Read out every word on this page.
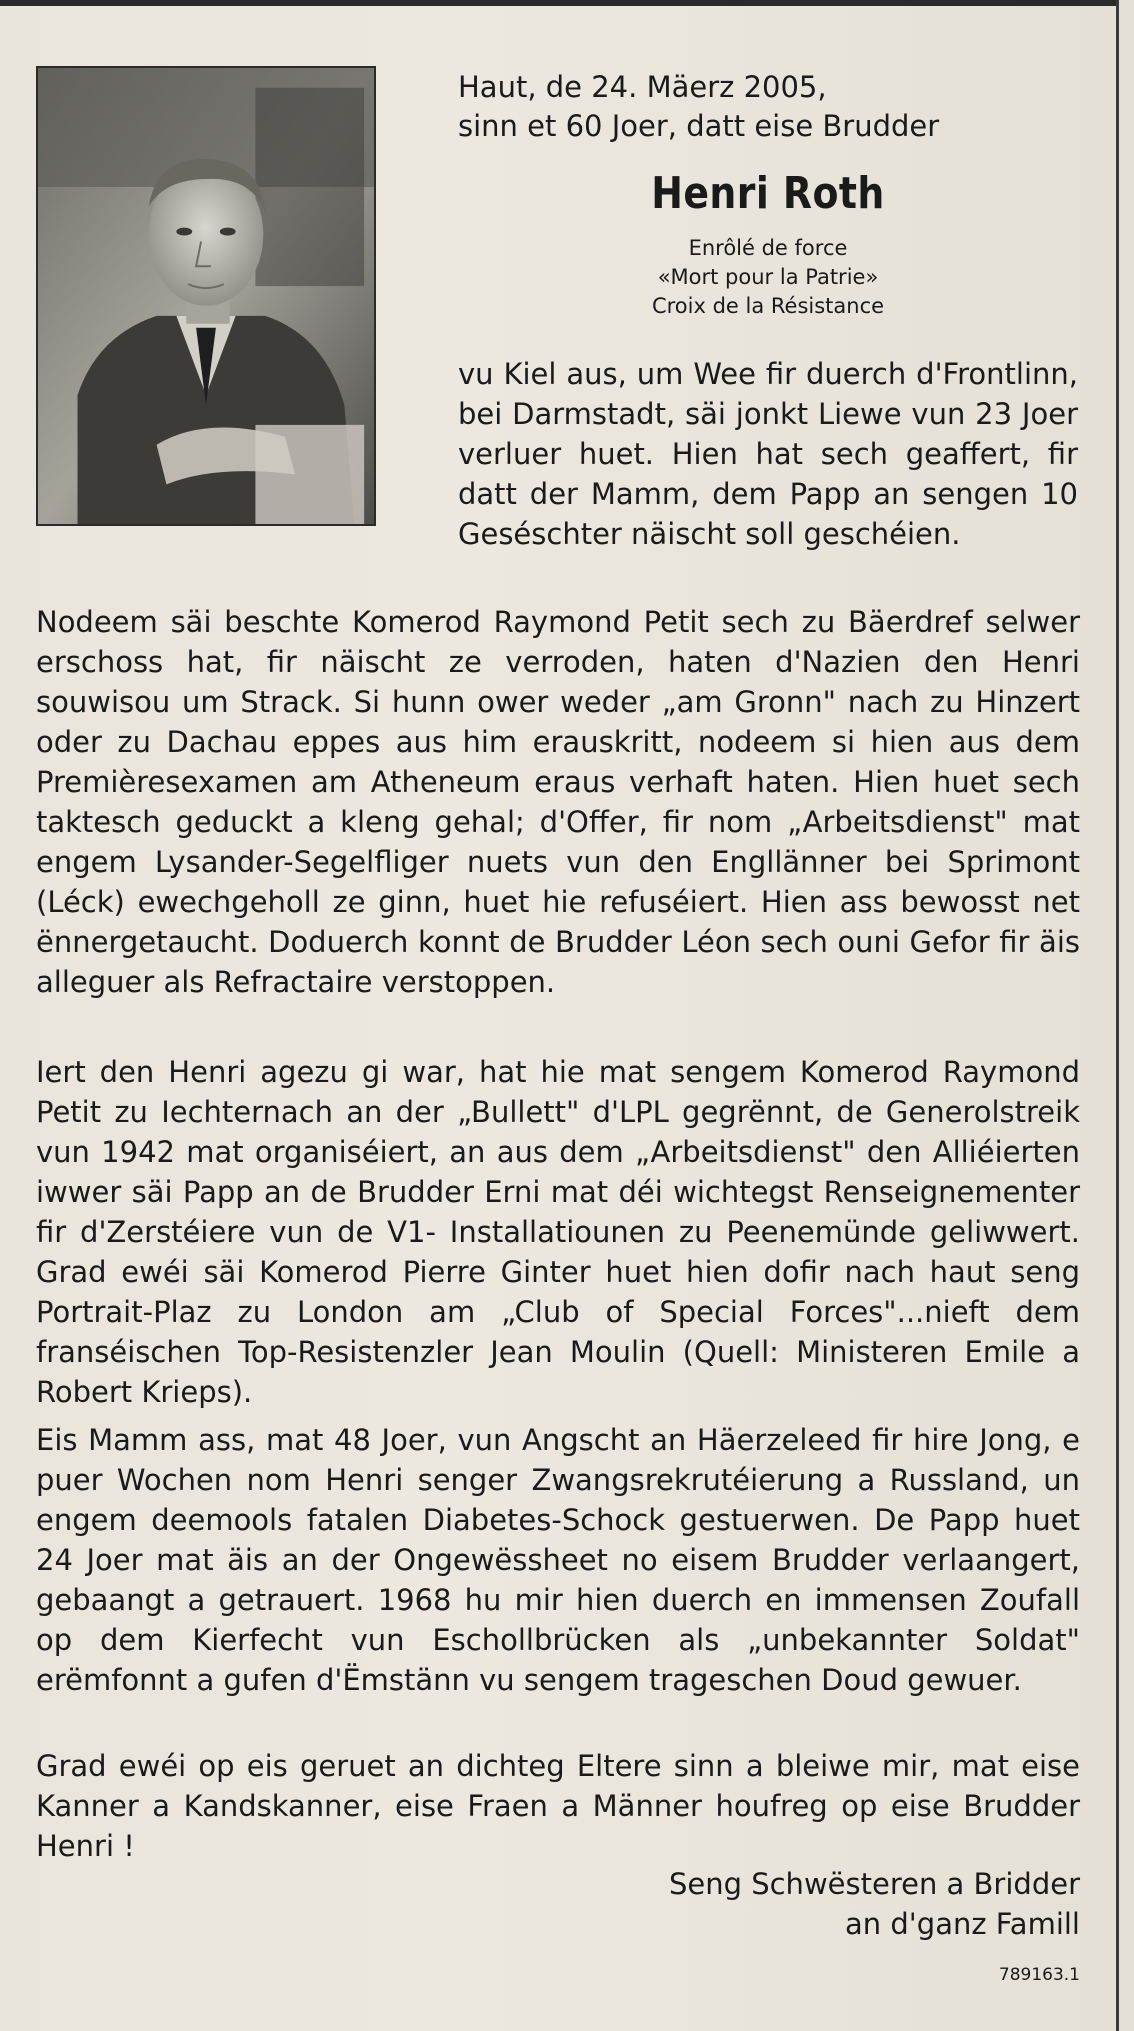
Haut, de 24. Mäerz 2005,
sinn et 60 Joer, datt eise Brudder
Henri Roth
Enrôlé de force
«Mort pour la Patrie»
Croix de la Résistance

vu Kiel aus, um Wee fir duerch d'Frontlinn, bei Darmstadt, säi jonkt Liewe vun 23 Joer verluer huet. Hien hat sech geaffert, fir datt der Mamm, dem Papp an sengen 10 Geséschter näischt soll geschéien.

Nodeem säi beschte Komerod Raymond Petit sech zu Bäerdref selwer erschoss hat, fir näischt ze verroden, haten d'Nazien den Henri souwisou um Strack. Si hunn ower weder „am Gronn" nach zu Hinzert oder zu Dachau eppes aus him erauskritt, nodeem si hien aus dem Premièresexamen am Atheneum eraus verhaft haten. Hien huet sech taktesch geduckt a kleng gehal; d'Offer, fir nom „Arbeitsdienst" mat engem Lysander-Segelfliger nuets vun den Engllänner bei Sprimont (Léck) ewechgeholl ze ginn, huet hie refuséiert. Hien ass bewosst net ënnergetaucht. Doduerch konnt de Brudder Léon sech ouni Gefor fir äis alleguer als Refractaire verstoppen.

Iert den Henri agezu gi war, hat hie mat sengem Komerod Raymond Petit zu Iechternach an der „Bullett" d'LPL gegrënnt, de Generolstreik vun 1942 mat organiséiert, an aus dem „Arbeitsdienst" den Alliéierten iwwer säi Papp an de Brudder Erni mat déi wichtegst Renseignementer fir d'Zerstéiere vun de V1- Installatiounen zu Peenemünde geliwwert. Grad ewéi säi Komerod Pierre Ginter huet hien dofir nach haut seng Portrait-Plaz zu London am „Club of Special Forces"...nieft dem franséischen Top-Resistenzler Jean Moulin (Quell: Ministeren Emile a Robert Krieps).

Eis Mamm ass, mat 48 Joer, vun Angscht an Häerzeleed fir hire Jong, e puer Wochen nom Henri senger Zwangsrekrutéierung a Russland, un engem deemools fatalen Diabetes-Schock gestuerwen. De Papp huet 24 Joer mat äis an der Ongewëssheet no eisem Brudder verlaangert, gebaangt a getrauert. 1968 hu mir hien duerch en immensen Zoufall op dem Kierfecht vun Eschollbrücken als „unbekannter Soldat" erëmfonnt a gufen d'Ëmstänn vu sengem trageschen Doud gewuer.

Grad ewéi op eis geruet an dichteg Eltere sinn a bleiwe mir, mat eise Kanner a Kandskanner, eise Fraen a Männer houfreg op eise Brudder Henri !

Seng Schwësteren a Bridder
an d'ganz Famill
789163.1
